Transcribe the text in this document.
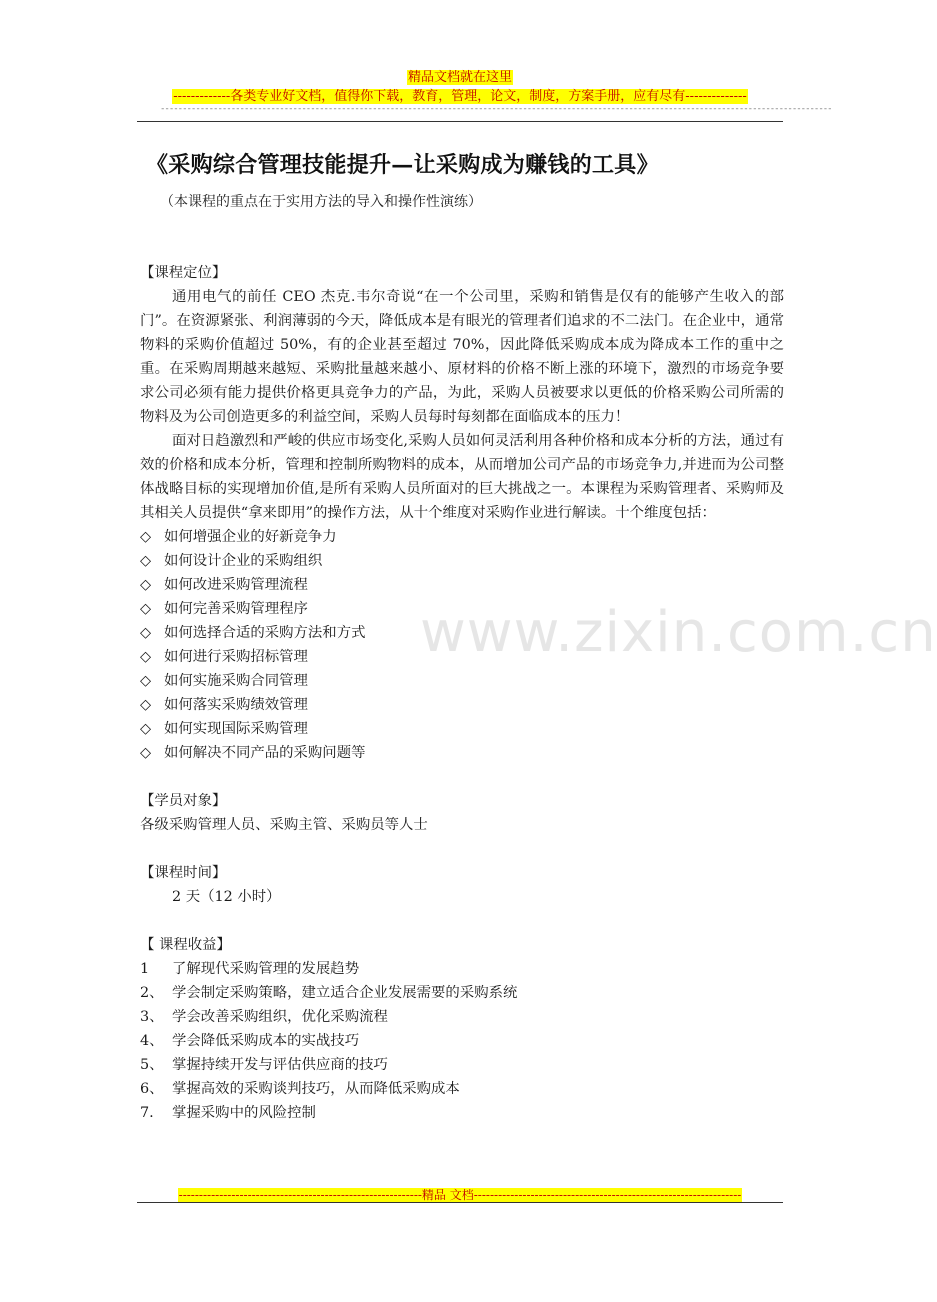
精品文档就在这里
-------------各类专业好文档，值得你下载，教育，管理，论文，制度，方案手册，应有尽有--------------
--------------------------------------------------------------------------------------------------------------------------------------------------------
www.zixin.com.cn
《采购综合管理技能提升—让采购成为赚钱的工具》
（本课程的重点在于实用方法的导入和操作性演练）

【课程定位】

通用电气的前任 CEO 杰克.韦尔奇说“在一个公司里，采购和销售是仅有的能够产生收入的部门”。在资源紧张、利润薄弱的今天，降低成本是有眼光的管理者们追求的不二法门。在企业中，通常物料的采购价值超过 50%，有的企业甚至超过 70%，因此降低采购成本成为降成本工作的重中之重。在采购周期越来越短、采购批量越来越小、原材料的价格不断上涨的环境下，激烈的市场竞争要求公司必须有能力提供价格更具竞争力的产品，为此，采购人员被要求以更低的价格采购公司所需的物料及为公司创造更多的利益空间，采购人员每时每刻都在面临成本的压力！

面对日趋激烈和严峻的供应市场变化,采购人员如何灵活利用各种价格和成本分析的方法，通过有效的价格和成本分析，管理和控制所购物料的成本，从而增加公司产品的市场竞争力,并进而为公司整体战略目标的实现增加价值,是所有采购人员所面对的巨大挑战之一。本课程为采购管理者、采购师及其相关人员提供“拿来即用”的操作方法，从十个维度对采购作业进行解读。十个维度包括：

◇ 如何增强企业的好新竞争力

◇ 如何设计企业的采购组织

◇ 如何改进采购管理流程

◇ 如何完善采购管理程序

◇ 如何选择合适的采购方法和方式

◇ 如何进行采购招标管理

◇ 如何实施采购合同管理

◇ 如何落实采购绩效管理

◇ 如何实现国际采购管理

◇ 如何解决不同产品的采购问题等

【学员对象】

各级采购管理人员、采购主管、采购员等人士

【课程时间】

2 天（12 小时）

【 课程收益】

1 了解现代采购管理的发展趋势

2、 学会制定采购策略，建立适合企业发展需要的采购系统

3、 学会改善采购组织，优化采购流程

4、 学会降低采购成本的实战技巧

5、 掌握持续开发与评估供应商的技巧

6、 掌握高效的采购谈判技巧，从而降低采购成本

7. 掌握采购中的风险控制

------------------------------------------------------------精品 文档------------------------------------------------------------------
